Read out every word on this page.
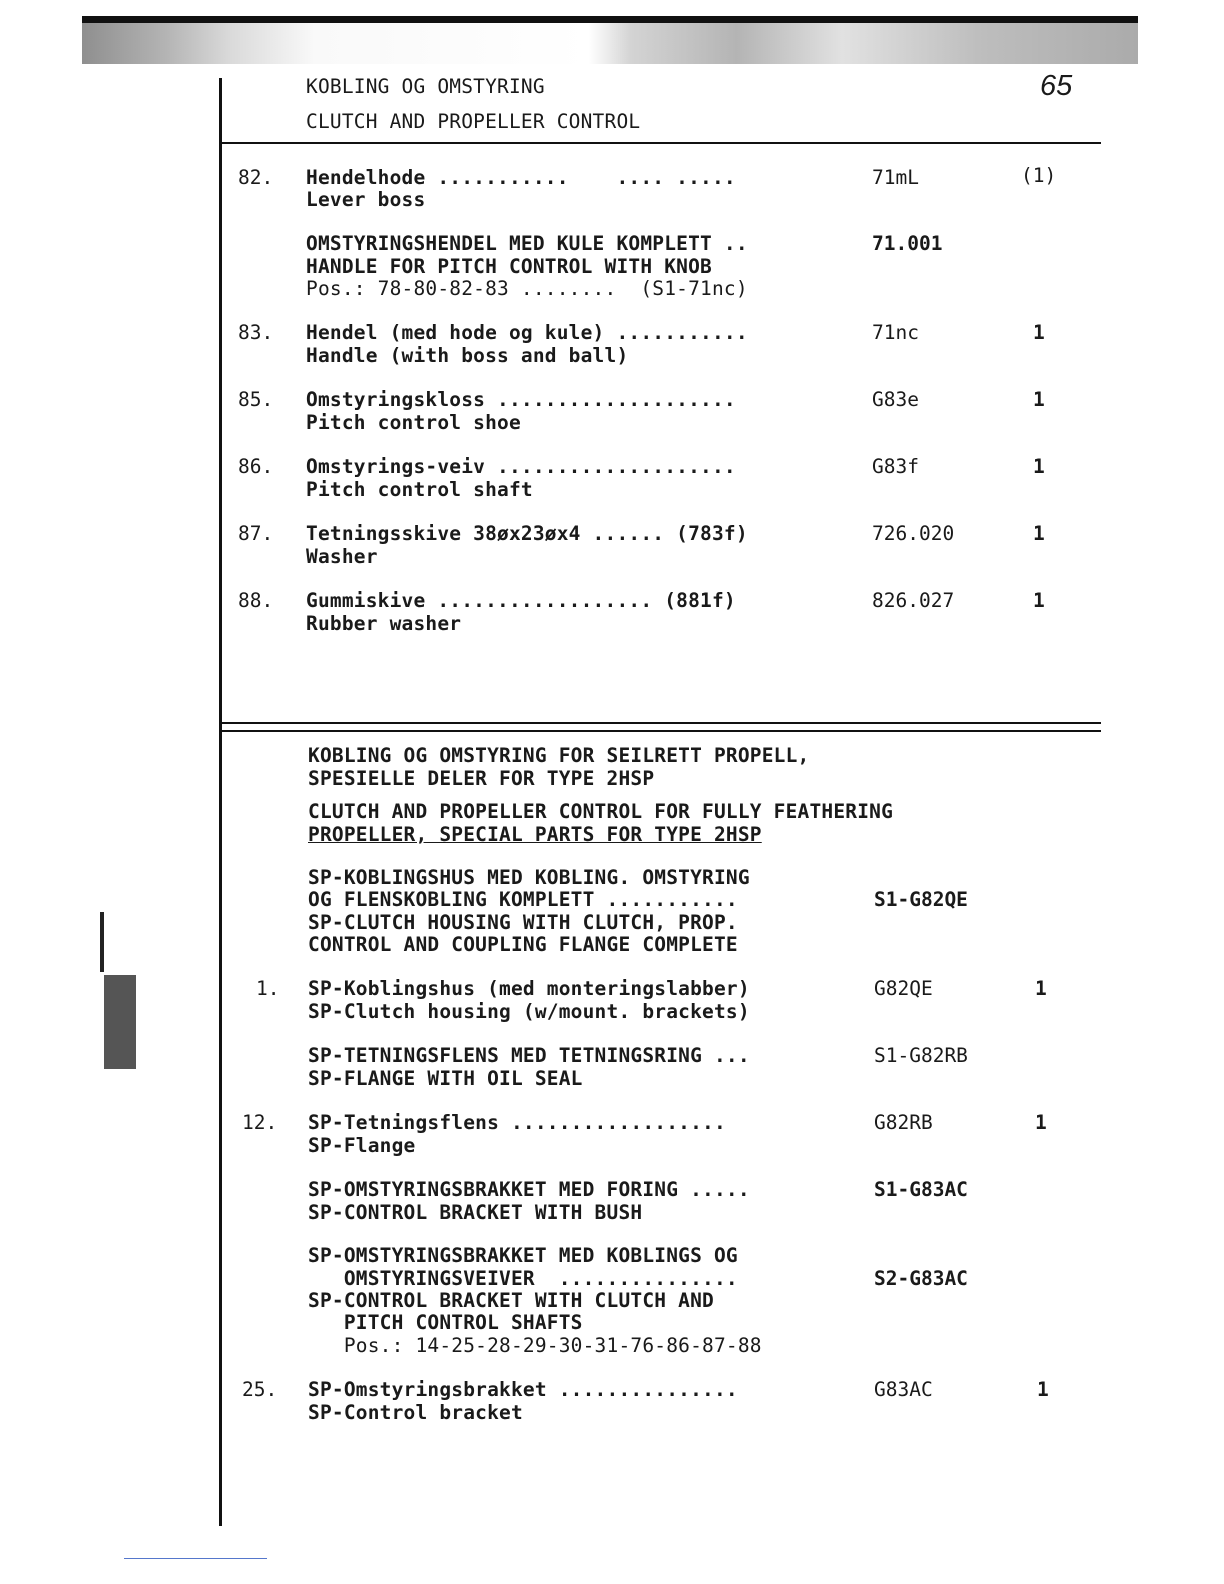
KOBLING OG OMSTYRING
CLUTCH AND PROPELLER CONTROL
65
82. Hendelhode ...........    .... .....
Lever boss
71mL	(1)
OMSTYRINGSHENDEL MED KULE KOMPLETT ..
HANDLE FOR PITCH CONTROL WITH KNOB
Pos.: 78-80-82-83 ........  (S1-71nc)
71.001
83. Hendel (med hode og kule) ...........
Handle (with boss and ball)
71nc	1
85. Omstyringskloss ....................
Pitch control shoe
G83e	1
86. Omstyrings-veiv ....................
Pitch control shaft
G83f	1
87. Tetningsskive 38øx23øx4 ...... (783f)
Washer
726.020	1
88. Gummiskive .................. (881f)
Rubber washer
826.027	1
KOBLING OG OMSTYRING FOR SEILRETT PROPELL,
SPESIELLE DELER FOR TYPE 2HSP
CLUTCH AND PROPELLER CONTROL FOR FULLY FEATHERING
PROPELLER, SPECIAL PARTS FOR TYPE 2HSP
SP-KOBLINGSHUS MED KOBLING. OMSTYRING
OG FLENSKOBLING KOMPLETT ...........
SP-CLUTCH HOUSING WITH CLUTCH, PROP.
CONTROL AND COUPLING FLANGE COMPLETE
S1-G82QE
1. SP-Koblingshus (med monteringslabber)
SP-Clutch housing (w/mount. brackets)
G82QE	1
SP-TETNINGSFLENS MED TETNINGSRING ...
SP-FLANGE WITH OIL SEAL
S1-G82RB
12. SP-Tetningsflens ..................
SP-Flange
G82RB	1
SP-OMSTYRINGSBRAKKET MED FORING .....
SP-CONTROL BRACKET WITH BUSH
S1-G83AC
SP-OMSTYRINGSBRAKKET MED KOBLINGS OG
OMSTYRINGSVEIVER  ...............
SP-CONTROL BRACKET WITH CLUTCH AND
PITCH CONTROL SHAFTS
Pos.: 14-25-28-29-30-31-76-86-87-88
S2-G83AC
25. SP-Omstyringsbrakket ...............
SP-Control bracket
G83AC	1
